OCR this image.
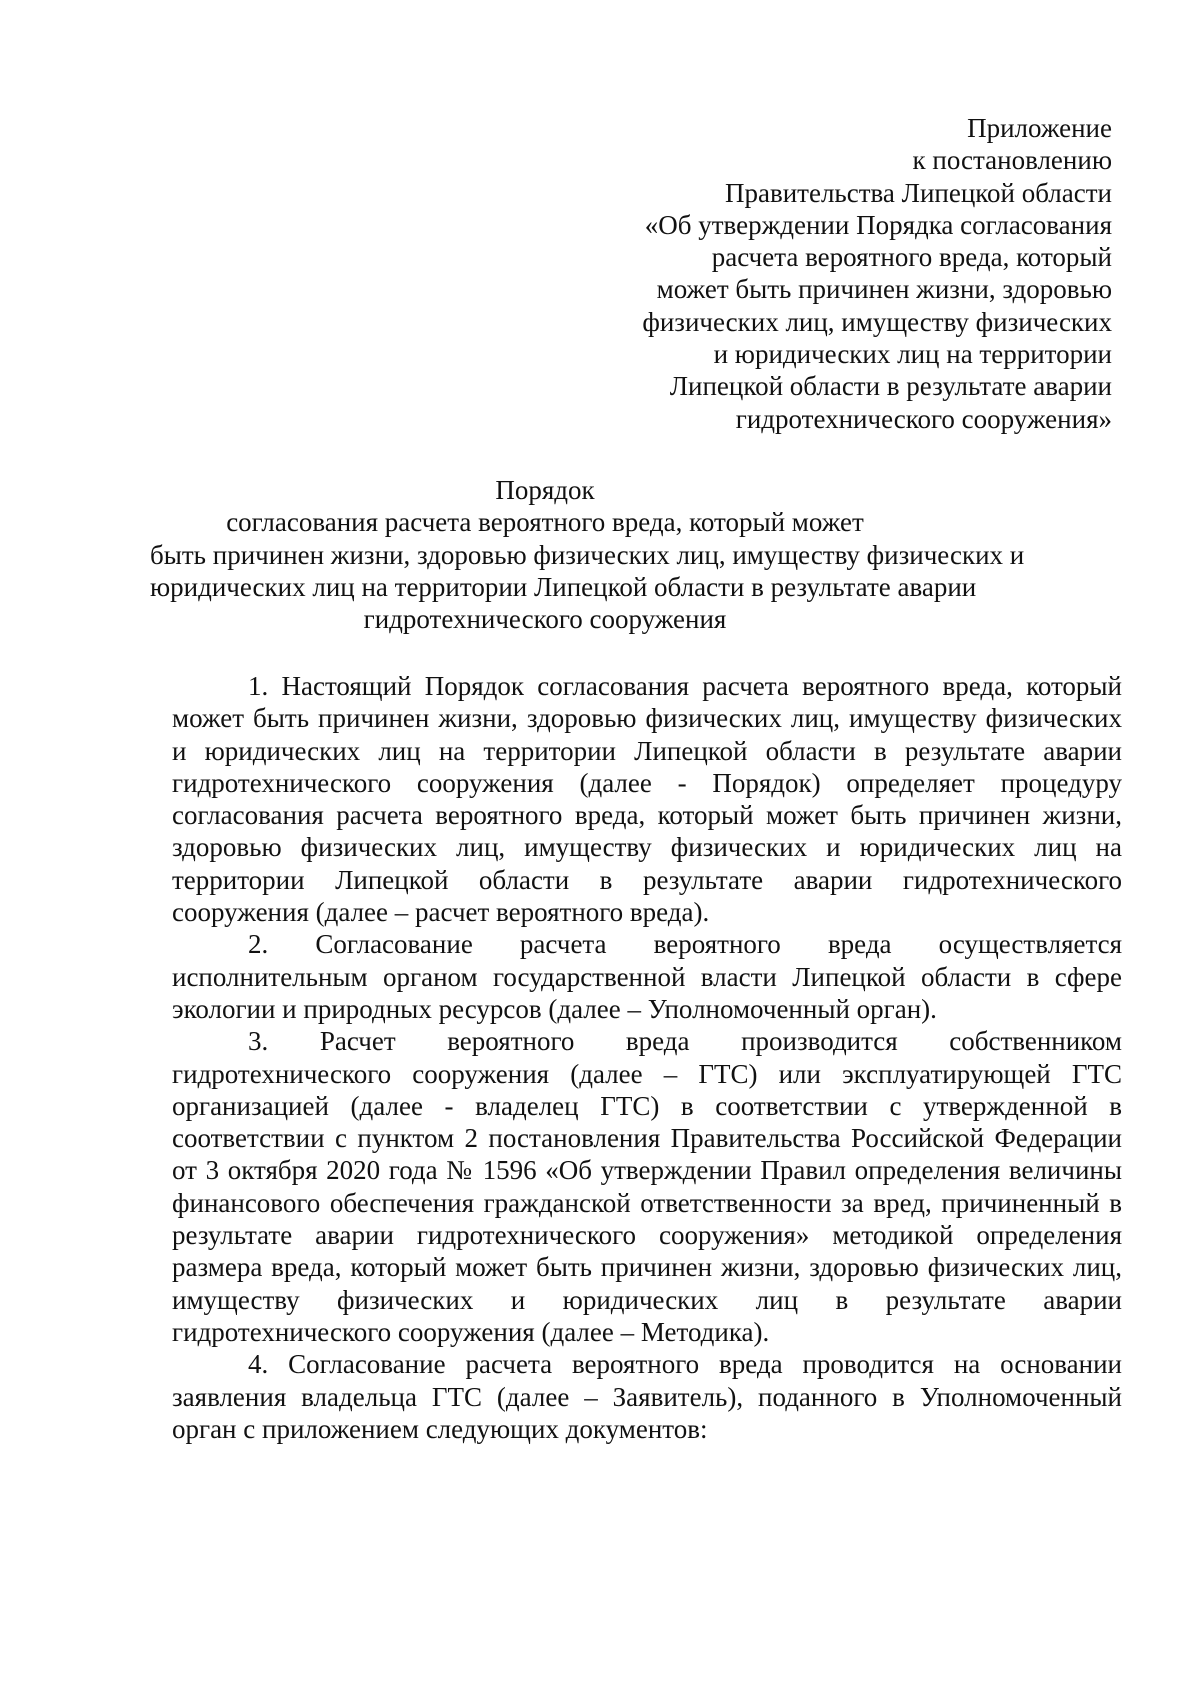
Приложение
к постановлению
Правительства Липецкой области
«Об утверждении Порядка согласования
расчета вероятного вреда, который
может быть причинен жизни, здоровью
физических лиц, имуществу физических
и юридических лиц на территории
Липецкой области в результате аварии
гидротехнического сооружения»
Порядок
согласования расчета вероятного вреда, который может
быть причинен жизни, здоровью физических лиц, имуществу физических и
юридических лиц на территории Липецкой области в результате аварии
гидротехнического сооружения

1. Настоящий Порядок согласования расчета вероятного вреда, который может быть причинен жизни, здоровью физических лиц, имуществу физических и юридических лиц на территории Липецкой области в результате аварии гидротехнического сооружения (далее - Порядок) определяет процедуру согласования расчета вероятного вреда, который может быть причинен жизни, здоровью физических лиц, имуществу физических и юридических лиц на территории Липецкой области в результате аварии гидротехнического сооружения (далее – расчет вероятного вреда).

2. Согласование расчета вероятного вреда осуществляется исполнительным органом государственной власти Липецкой области в сфере экологии и природных ресурсов (далее – Уполномоченный орган).

3. Расчет вероятного вреда производится собственником гидротехнического сооружения (далее – ГТС) или эксплуатирующей ГТС организацией (далее - владелец ГТС) в соответствии с утвержденной в соответствии с пунктом 2 постановления Правительства Российской Федерации от 3 октября 2020 года № 1596 «Об утверждении Правил определения величины финансового обеспечения гражданской ответственности за вред, причиненный в результате аварии гидротехнического сооружения» методикой определения размера вреда, который может быть причинен жизни, здоровью физических лиц, имуществу физических и юридических лиц в результате аварии гидротехнического сооружения (далее – Методика).

4. Согласование расчета вероятного вреда проводится на основании заявления владельца ГТС (далее – Заявитель), поданного в Уполномоченный орган с приложением следующих документов:
